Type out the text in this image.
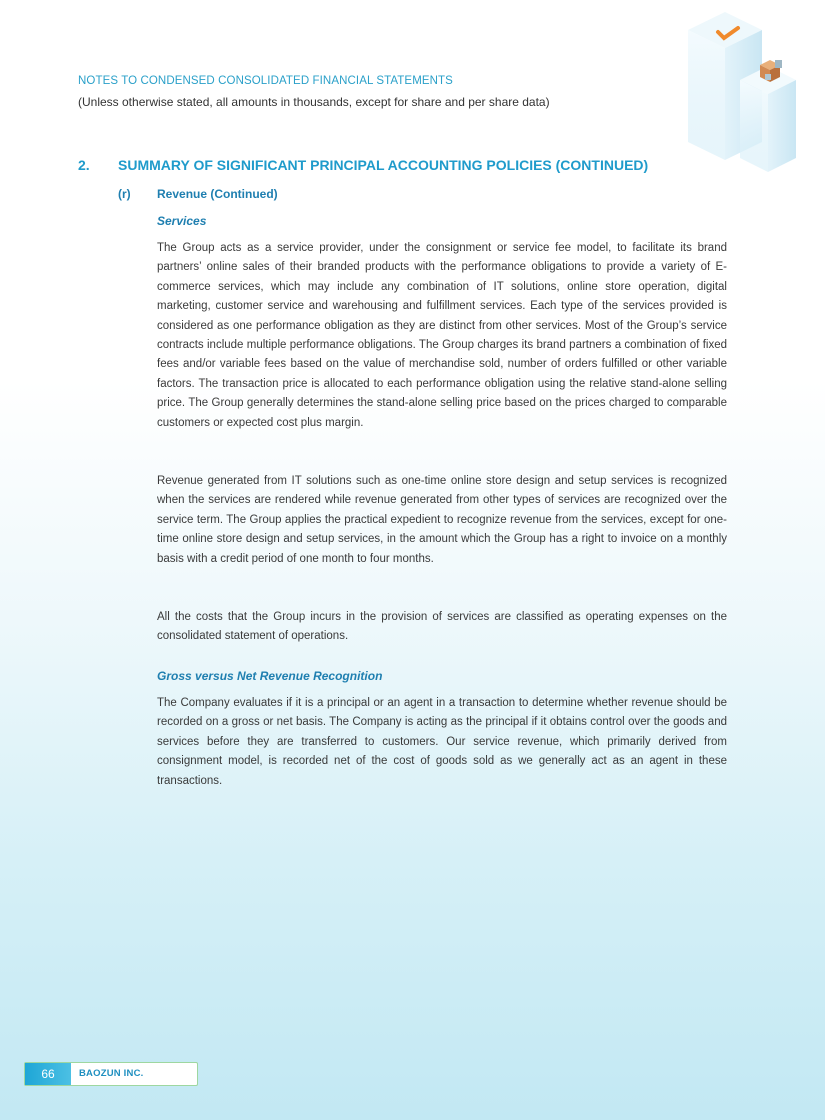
NOTES TO CONDENSED CONSOLIDATED FINANCIAL STATEMENTS
(Unless otherwise stated, all amounts in thousands, except for share and per share data)
2. SUMMARY OF SIGNIFICANT PRINCIPAL ACCOUNTING POLICIES (CONTINUED)
(r) Revenue (Continued)
Services

The Group acts as a service provider, under the consignment or service fee model, to facilitate its brand partners’ online sales of their branded products with the performance obligations to provide a variety of E-commerce services, which may include any combination of IT solutions, online store operation, digital marketing, customer service and warehousing and fulfillment services. Each type of the services provided is considered as one performance obligation as they are distinct from other services. Most of the Group’s service contracts include multiple performance obligations. The Group charges its brand partners a combination of fixed fees and/or variable fees based on the value of merchandise sold, number of orders fulfilled or other variable factors. The transaction price is allocated to each performance obligation using the relative stand-alone selling price. The Group generally determines the stand-alone selling price based on the prices charged to comparable customers or expected cost plus margin.

Revenue generated from IT solutions such as one-time online store design and setup services is recognized when the services are rendered while revenue generated from other types of services are recognized over the service term. The Group applies the practical expedient to recognize revenue from the services, except for one-time online store design and setup services, in the amount which the Group has a right to invoice on a monthly basis with a credit period of one month to four months.

All the costs that the Group incurs in the provision of services are classified as operating expenses on the consolidated statement of operations.

Gross versus Net Revenue Recognition

The Company evaluates if it is a principal or an agent in a transaction to determine whether revenue should be recorded on a gross or net basis. The Company is acting as the principal if it obtains control over the goods and services before they are transferred to customers. Our service revenue, which primarily derived from consignment model, is recorded net of the cost of goods sold as we generally act as an agent in these transactions.

66	BAOZUN INC.
